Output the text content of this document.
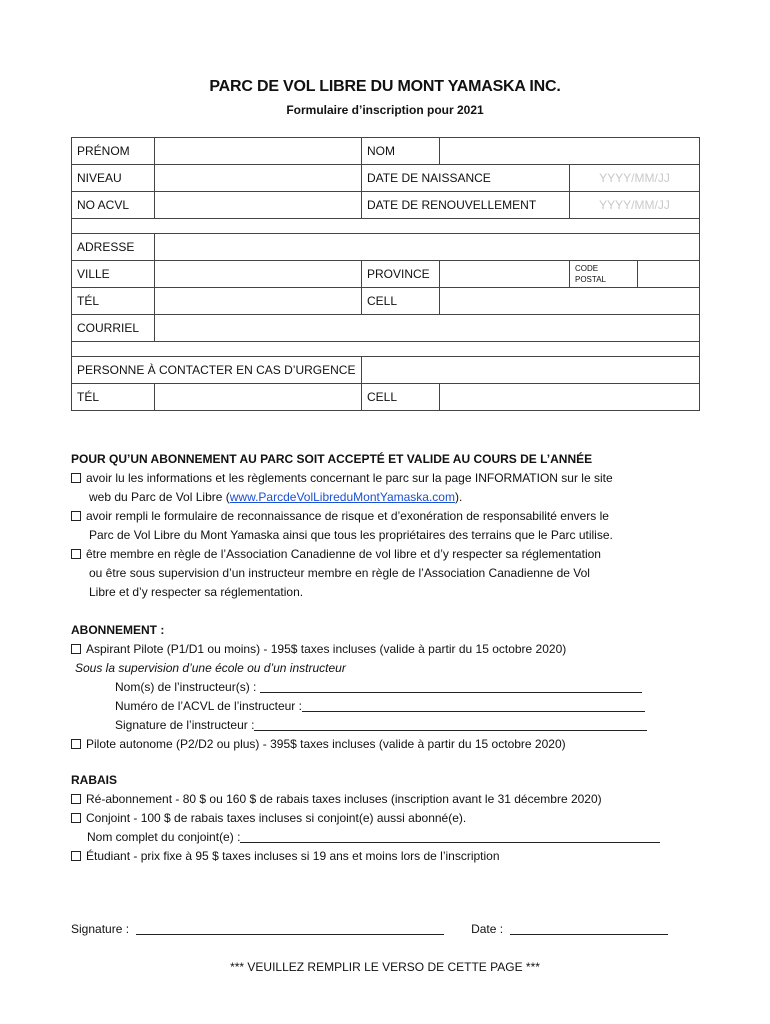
PARC DE VOL LIBRE DU MONT YAMASKA INC.
Formulaire d’inscription pour 2021
PRÉNOM		NOM			
NIVEAU		DATE DE NAISSANCE		YYYY/MM/JJ	
NO ACVL		DATE DE RENOUVELLEMENT		YYYY/MM/JJ	

ADRESSE					
VILLE		PROVINCE		CODE
POSTAL	
TÉL		CELL			
COURRIEL					

PERSONNE À CONTACTER EN CAS D’URGENCE					
TÉL		CELL			
POUR QU’UN ABONNEMENT AU PARC SOIT ACCEPTÉ ET VALIDE AU COURS DE L’ANNÉE
avoir lu les informations et les règlements concernant le parc sur la page INFORMATION sur le site
web du Parc de Vol Libre (www.ParcdeVolLibreduMontYamaska.com).
avoir rempli le formulaire de reconnaissance de risque et d’exonération de responsabilité envers le
Parc de Vol Libre du Mont Yamaska ainsi que tous les propriétaires des terrains que le Parc utilise.
être membre en règle de l’Association Canadienne de vol libre et d’y respecter sa réglementation
ou être sous supervision d’un instructeur membre en règle de l’Association Canadienne de Vol
Libre et d’y respecter sa réglementation.
ABONNEMENT :
Aspirant Pilote (P1/D1 ou moins) - 195$ taxes incluses (valide à partir du 15 octobre 2020)
Sous la supervision d’une école ou d’un instructeur
Nom(s) de l’instructeur(s) :
Numéro de l’ACVL de l’instructeur :
Signature de l’instructeur :
Pilote autonome (P2/D2 ou plus) - 395$ taxes incluses (valide à partir du 15 octobre 2020)
RABAIS
Ré-abonnement - 80 $ ou 160 $ de rabais taxes incluses (inscription avant le 31 décembre 2020)
Conjoint - 100 $ de rabais taxes incluses si conjoint(e) aussi abonné(e).
Nom complet du conjoint(e) :
Étudiant - prix fixe à 95 $ taxes incluses si 19 ans et moins lors de l’inscription
Signature :	Date :
*** VEUILLEZ REMPLIR LE VERSO DE CETTE PAGE ***
